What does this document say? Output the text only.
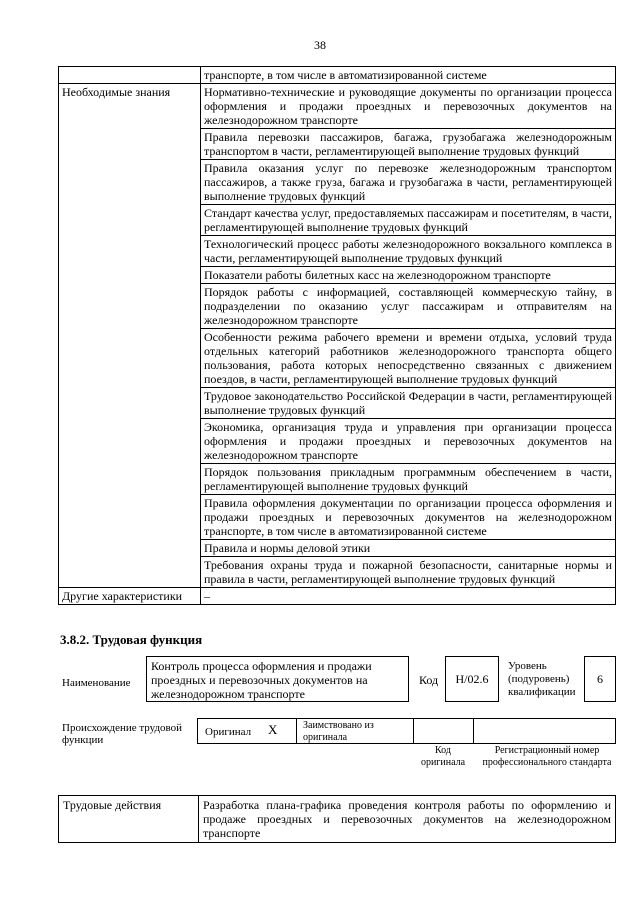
38
	транспорте, в том числе в автоматизированной системе
Необходимые знания	Нормативно-технические и руководящие документы по организации процесса оформления и продажи проездных и перевозочных документов на железнодорожном транспорте
	Правила перевозки пассажиров, багажа, грузобагажа железнодорожным транспортом в части, регламентирующей выполнение трудовых функций
	Правила оказания услуг по перевозке железнодорожным транспортом пассажиров, а также груза, багажа и грузобагажа в части, регламентирующей выполнение трудовых функций
	Стандарт качества услуг, предоставляемых пассажирам и посетителям, в части, регламентирующей выполнение трудовых функций
	Технологический процесс работы железнодорожного вокзального комплекса в части, регламентирующей выполнение трудовых функций
	Показатели работы билетных касс на железнодорожном транспорте
	Порядок работы с информацией, составляющей коммерческую тайну, в подразделении по оказанию услуг пассажирам и отправителям на железнодорожном транспорте
	Особенности режима рабочего времени и времени отдыха, условий труда отдельных категорий работников железнодорожного транспорта общего пользования, работа которых непосредственно связанных с движением поездов, в части, регламентирующей выполнение трудовых функций
	Трудовое законодательство Российской Федерации в части, регламентирующей выполнение трудовых функций
	Экономика, организация труда и управления при организации процесса оформления и продажи проездных и перевозочных документов на железнодорожном транспорте
	Порядок пользования прикладным программным обеспечением в части, регламентирующей выполнение трудовых функций
	Правила оформления документации по организации процесса оформления и продажи проездных и перевозочных документов на железнодорожном транспорте, в том числе в автоматизированной системе
	Правила и нормы деловой этики
	Требования охраны труда и пожарной безопасности, санитарные нормы и правила в части, регламентирующей выполнение трудовых функций
Другие характеристики	–
3.8.2. Трудовая функция
Наименование
Контроль процесса оформления и продажи проездных и перевозочных документов на железнодорожном транспорте
Код H/02.6
Уровень (подуровень) квалификации
6
Происхождение трудовой функции
Оригинал X	Заимствовано из оригинала
Код оригинала
Регистрационный номер профессионального стандарта
Трудовые действия	Разработка плана-графика проведения контроля работы по оформлению и продаже проездных и перевозочных документов на железнодорожном транспорте
